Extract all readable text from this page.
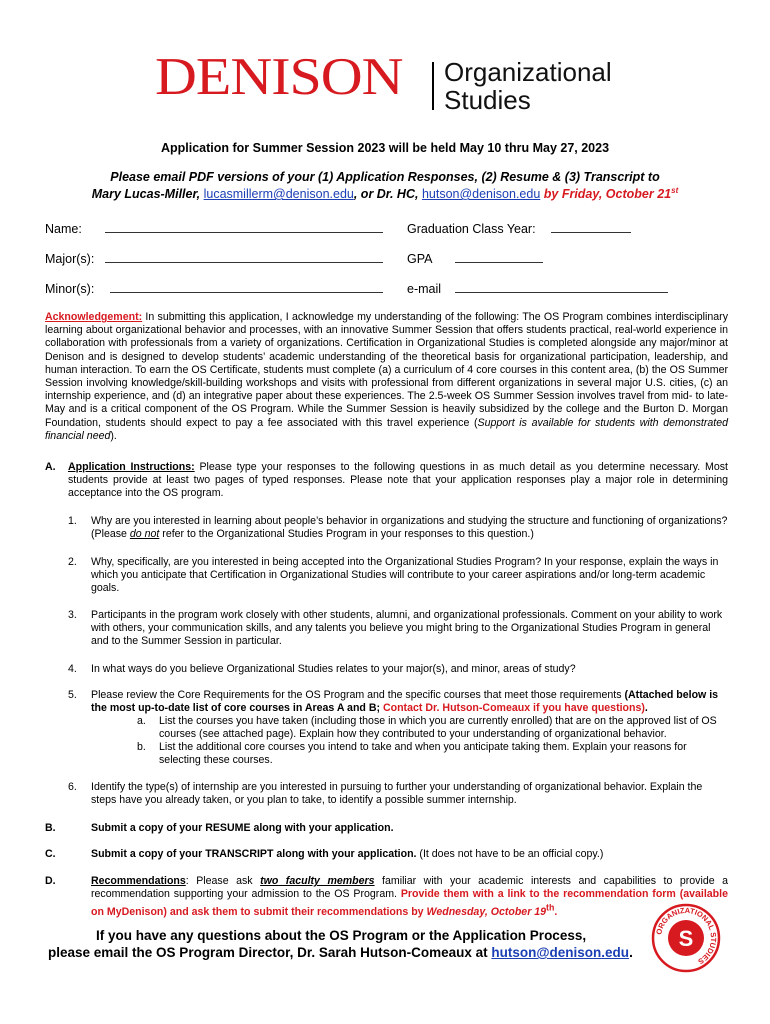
DENISON Organizational
Studies
Application for Summer Session 2023 will be held May 10 thru May 27, 2023
Please email PDF versions of your (1) Application Responses, (2) Resume & (3) Transcript to
Mary Lucas-Miller, lucasmillerm@denison.edu, or Dr. HC, hutson@denison.edu by Friday, October 21st
Name:	Graduation Class Year:
Major(s):	GPA
Minor(s):	e-mail
Acknowledgement: In submitting this application, I acknowledge my understanding of the following: The OS Program combines interdisciplinary learning about organizational behavior and processes, with an innovative Summer Session that offers students practical, real-world experience in collaboration with professionals from a variety of organizations. Certification in Organizational Studies is completed alongside any major/minor at Denison and is designed to develop students’ academic understanding of the theoretical basis for organizational participation, leadership, and human interaction. To earn the OS Certificate, students must complete (a) a curriculum of 4 core courses in this content area, (b) the OS Summer Session involving knowledge/skill-building workshops and visits with professional from different organizations in several major U.S. cities, (c) an internship experience, and (d) an integrative paper about these experiences. The 2.5-week OS Summer Session involves travel from mid- to late-May and is a critical component of the OS Program. While the Summer Session is heavily subsidized by the college and the Burton D. Morgan Foundation, students should expect to pay a fee associated with this travel experience (Support is available for students with demonstrated financial need).
A. Application Instructions: Please type your responses to the following questions in as much detail as you determine necessary. Most students provide at least two pages of typed responses. Please note that your application responses play a major role in determining acceptance into the OS program.
1. Why are you interested in learning about people’s behavior in organizations and studying the structure and functioning of organizations? (Please do not refer to the Organizational Studies Program in your responses to this question.)
2. Why, specifically, are you interested in being accepted into the Organizational Studies Program? In your response, explain the ways in which you anticipate that Certification in Organizational Studies will contribute to your career aspirations and/or long-term academic goals.
3. Participants in the program work closely with other students, alumni, and organizational professionals. Comment on your ability to work with others, your communication skills, and any talents you believe you might bring to the Organizational Studies Program in general and to the Summer Session in particular.
4. In what ways do you believe Organizational Studies relates to your major(s), and minor, areas of study?
5. Please review the Core Requirements for the OS Program and the specific courses that meet those requirements (Attached below is the most up-to-date list of core courses in Areas A and B; Contact Dr. Hutson-Comeaux if you have questions).
a. List the courses you have taken (including those in which you are currently enrolled) that are on the approved list of OS courses (see attached page). Explain how they contributed to your understanding of organizational behavior.
b. List the additional core courses you intend to take and when you anticipate taking them. Explain your reasons for selecting these courses.
6. Identify the type(s) of internship are you interested in pursuing to further your understanding of organizational behavior. Explain the steps have you already taken, or you plan to take, to identify a possible summer internship.
B.	Submit a copy of your RESUME along with your application.
C.	Submit a copy of your TRANSCRIPT along with your application. (It does not have to be an official copy.)
D.	Recommendations: Please ask two faculty members familiar with your academic interests and capabilities to provide a recommendation supporting your admission to the OS Program. Provide them with a link to the recommendation form (available on MyDenison) and ask them to submit their recommendations by Wednesday, October 19th.
If you have any questions about the OS Program or the Application Process,
please email the OS Program Director, Dr. Sarah Hutson-Comeaux at hutson@denison.edu.
ORGANIZATIONAL STUDIES
S
